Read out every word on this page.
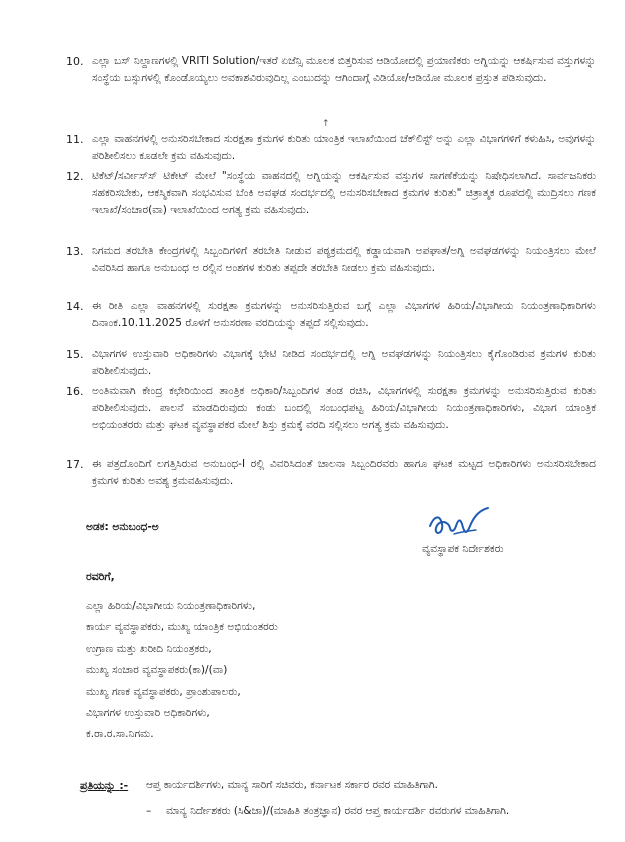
10. ಎಲ್ಲಾ ಬಸ್ ನಿಲ್ದಾಣಗಳಲ್ಲಿ VRITI Solution/ಇತರೆ ಏಜೆನ್ಸಿ ಮೂಲಕ ಬಿತ್ತರಿಸುವ ಆಡಿಯೋದಲ್ಲಿ ಪ್ರಯಾಣಿಕರು ಅಗ್ನಿಯನ್ನು ಆಕರ್ಷಿಸುವ ವಸ್ತುಗಳನ್ನು ಸಂಸ್ಥೆಯ ಬಸ್ಸುಗಳಲ್ಲಿ ಕೊಂಡೊಯ್ಯಲು ಅವಕಾಶವಿರುವುದಿಲ್ಲ ಎಂಬುದನ್ನು ಆಗಿಂದಾಗ್ಗೆ ವಿಡಿಯೋ/ಆಡಿಯೋ ಮೂಲಕ ಪ್ರಸ್ತುತ ಪಡಿಸುವುದು.
↑
11. ಎಲ್ಲಾ ವಾಹನಗಳಲ್ಲಿ ಅನುಸರಿಸಬೇಕಾದ ಸುರಕ್ಷತಾ ಕ್ರಮಗಳ ಕುರಿತು ಯಾಂತ್ರಿಕ ಇಲಾಖೆಯಿಂದ ಚೆಕ್‌ಲಿಸ್ಟ್ ಅನ್ನು ಎಲ್ಲಾ ವಿಭಾಗಗಳಿಗೆ ಕಳುಹಿಸಿ, ಅವುಗಳನ್ನು ಪರಿಶೀಲಿಸಲು ಕೂಡಲೇ ಕ್ರಮ ವಹಿಸುವುದು.
12. ಟಿಕೆಟ್/ಸರ್ವೀಸ್‌ಸ್ ಟಿಕೇಟ್ ಮೇಲೆ "ಸಂಸ್ಥೆಯ ವಾಹನದಲ್ಲಿ ಅಗ್ನಿಯನ್ನು ಆಕರ್ಷಿಸುವ ವಸ್ತುಗಳ ಸಾಗಣೆಕೆಯನ್ನು ನಿಷೇಧಿಸಲಾಗಿದೆ. ಸಾರ್ವಜನಿಕರು ಸಹಕರಿಸಬೇಕು, ಆಕಸ್ಮಿಕವಾಗಿ ಸಂಭವಿಸುವ ಬೆಂಕಿ ಅವಘಡ ಸಂದರ್ಭದಲ್ಲಿ ಅನುಸರಿಸಬೇಕಾದ ಕ್ರಮಗಳ ಕುರಿತು" ಚಿತ್ರಾತ್ಮಕ ರೂಪದಲ್ಲಿ ಮುದ್ರಿಸಲು ಗಣಕ ಇಲಾಖೆ/ಸಂಚಾರ(ವಾ) ಇಲಾಖೆಯಿಂದ ಅಗತ್ಯ ಕ್ರಮ ವಹಿಸುವುದು.
13. ನಿಗಮದ ತರಬೇತಿ ಕೇಂದ್ರಗಳಲ್ಲಿ ಸಿಬ್ಬಂದಿಗಳಿಗೆ ತರಬೇತಿ ನೀಡುವ ಪಠ್ಯಕ್ರಮದಲ್ಲಿ ಕಡ್ಡಾಯವಾಗಿ ಅಪಘಾತ/ಅಗ್ನಿ ಅವಘಡಗಳನ್ನು ನಿಯಂತ್ರಿಸಲು ಮೇಲೆ ವಿವರಿಸಿದ ಹಾಗೂ ಅನುಬಂಧ ಅ ರಲ್ಲಿನ ಅಂಶಗಳ ಕುರಿತು ತಪ್ಪದೇ ತರಬೇತಿ ನೀಡಲು ಕ್ರಮ ವಹಿಸುವುದು.
14. ಈ ರೀತಿ ಎಲ್ಲಾ ವಾಹನಗಳಲ್ಲಿ ಸುರಕ್ಷತಾ ಕ್ರಮಗಳನ್ನು ಅನುಸರಿಸುತ್ತಿರುವ ಬಗ್ಗೆ ಎಲ್ಲಾ ವಿಭಾಗಗಳ ಹಿರಿಯ/ವಿಭಾಗೀಯ ನಿಯಂತ್ರಣಾಧಿಕಾರಿಗಳು ದಿನಾಂಕ.10.11.2025 ರೊಳಗೆ ಅನುಸರಣಾ ವರದಿಯನ್ನು ತಪ್ಪದೆ ಸಲ್ಲಿಸುವುದು.
15. ವಿಭಾಗಗಳ ಉಸ್ತುವಾರಿ ಅಧಿಕಾರಿಗಳು ವಿಭಾಗಕ್ಕೆ ಭೇಟಿ ನೀಡಿದ ಸಂದರ್ಭದಲ್ಲಿ ಅಗ್ನಿ ಅವಘಡಗಳನ್ನು ನಿಯಂತ್ರಿಸಲು ಕೈಗೊಂಡಿರುವ ಕ್ರಮಗಳ ಕುರಿತು ಪರಿಶೀಲಿಸುವುದು.
16. ಅಂತಿಮವಾಗಿ ಕೇಂದ್ರ ಕಛೇರಿಯಿಂದ ತಾಂತ್ರಿಕ ಅಧಿಕಾರಿ/ಸಿಬ್ಬಂದಿಗಳ ತಂಡ ರಚಿಸಿ, ವಿಭಾಗಗಳಲ್ಲಿ ಸುರಕ್ಷತಾ ಕ್ರಮಗಳನ್ನು ಅನುಸರಿಸುತ್ತಿರುವ ಕುರಿತು ಪರಿಶೀಲಿಸುವುದು. ಪಾಲನೆ ಮಾಡದಿರುವುದು ಕಂಡು ಬಂದಲ್ಲಿ ಸಂಬಂಧಪಟ್ಟ ಹಿರಿಯ/ವಿಭಾಗೀಯ ನಿಯಂತ್ರಣಾಧಿಕಾರಿಗಳು, ವಿಭಾಗ ಯಾಂತ್ರಿಕ ಅಭಿಯಂತರರು ಮತ್ತು ಘಟಕ ವ್ಯವಸ್ಥಾಪಕರ ಮೇಲೆ ಶಿಸ್ತು ಕ್ರಮಕ್ಕೆ ವರದಿ ಸಲ್ಲಿಸಲು ಅಗತ್ಯ ಕ್ರಮ ವಹಿಸುವುದು.
17. ಈ ಪತ್ರದೊಂದಿಗೆ ಲಗತ್ತಿಸಿರುವ ಅನುಬಂಧ-I ರಲ್ಲಿ ವಿವರಿಸಿದಂತೆ ಚಾಲನಾ ಸಿಬ್ಬಂದಿರವರು ಹಾಗೂ ಘಟಕ ಮಟ್ಟದ ಅಧಿಕಾರಿಗಳು ಅನುಸರಿಸಬೇಕಾದ ಕ್ರಮಗಳ ಕುರಿತು ಅವಶ್ಯ ಕ್ರಮವಹಿಸುವುದು.
ಅಡಕ: ಅನುಬಂಧ-ಅ
ವ್ಯವಸ್ಥಾಪಕ ನಿರ್ದೇಶಕರು
ರವರಿಗೆ,
ಎಲ್ಲಾ ಹಿರಿಯ/ವಿಭಾಗೀಯ ನಿಯಂತ್ರಣಾಧಿಕಾರಿಗಳು,
ಕಾರ್ಯ ವ್ಯವಸ್ಥಾಪಕರು, ಮುಖ್ಯ ಯಾಂತ್ರಿಕ ಅಭಿಯಂತರರು
ಉಗ್ರಾಣ ಮತ್ತು ಖರೀದಿ ನಿಯಂತ್ರಕರು,
ಮುಖ್ಯ ಸಂಚಾರ ವ್ಯವಸ್ಥಾಪಕರು(ಕಾ)/(ವಾ)
ಮುಖ್ಯ ಗಣಕ ವ್ಯವಸ್ಥಾಪಕರು, ಪ್ರಾಂಶುಪಾಲರು,
ವಿಭಾಗಗಳ ಉಸ್ತುವಾರಿ ಅಧಿಕಾರಿಗಳು,
ಕ.ರಾ.ರ.ಸಾ.ನಿಗಮ.
ಪ್ರತಿಯನ್ನು :- ಆಪ್ತ ಕಾರ್ಯದರ್ಶಿಗಳು, ಮಾನ್ಯ ಸಾರಿಗೆ ಸಚಿವರು, ಕರ್ನಾಟಕ ಸರ್ಕಾರ ರವರ ಮಾಹಿತಿಗಾಗಿ.
– ಮಾನ್ಯ ನಿರ್ದೇಶಕರು (ಸಿ&ಜಾ)/(ಮಾಹಿತಿ ತಂತ್ರಜ್ಞಾನ) ರವರ ಆಪ್ತ ಕಾರ್ಯದರ್ಶಿ ರವರುಗಳ ಮಾಹಿತಿಗಾಗಿ.
